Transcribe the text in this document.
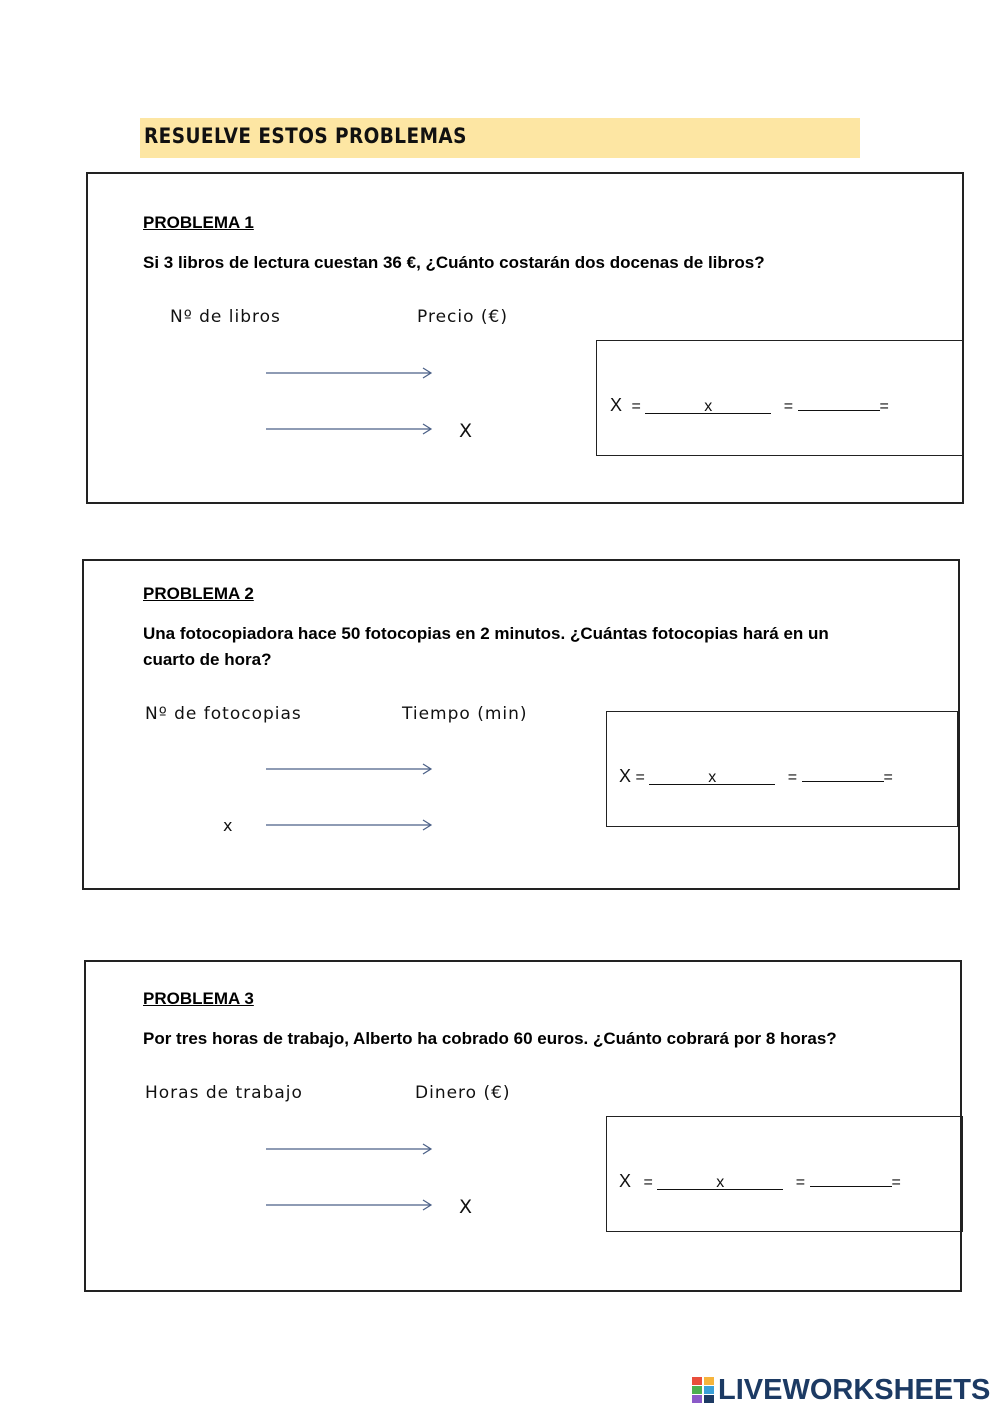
RESUELVE ESTOS PROBLEMAS
PROBLEMA 1
Si 3 libros de lectura cuestan 36 €, ¿Cuánto costarán dos docenas de libros?
Nº de libros	Precio (€)
X
X =	x	=	=
PROBLEMA 2
Una fotocopiadora hace 50 fotocopias en 2 minutos. ¿Cuántas fotocopias hará en un cuarto de hora?
Nº de fotocopias	Tiempo (min)
x
X =	x	=	=
PROBLEMA 3
Por tres horas de trabajo, Alberto ha cobrado 60 euros. ¿Cuánto cobrará por 8 horas?
Horas de trabajo	Dinero (€)
X
X =	x	=	=
LIVEWORKSHEETS
